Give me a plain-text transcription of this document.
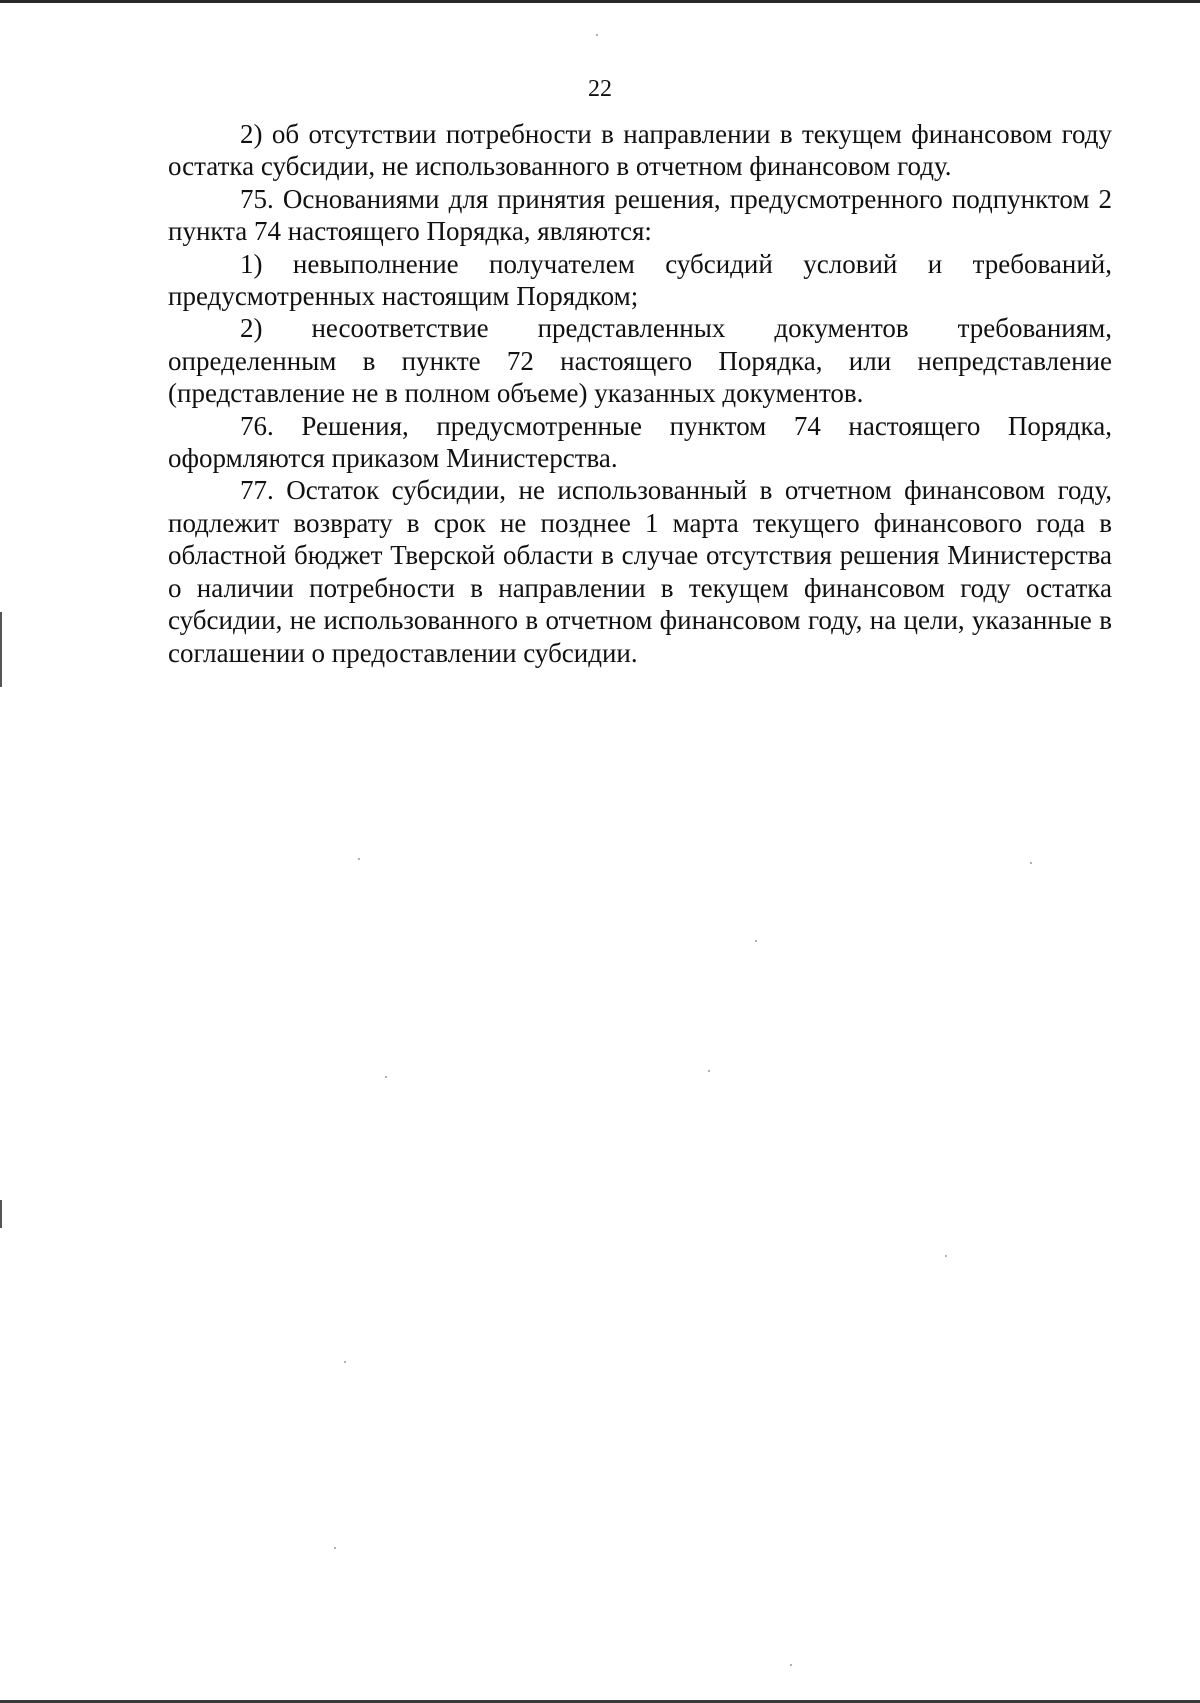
22

2) об отсутствии потребности в направлении в текущем финансовом году остатка субсидии, не использованного в отчетном финансовом году.

75. Основаниями для принятия решения, предусмотренного подпунктом 2 пункта 74 настоящего Порядка, являются:

1) невыполнение получателем субсидий условий и требований, предусмотренных настоящим Порядком;

2) несоответствие представленных документов требованиям, определенным в пункте 72 настоящего Порядка, или непредставление (представление не в полном объеме) указанных документов.

76. Решения, предусмотренные пунктом 74 настоящего Порядка, оформляются приказом Министерства.

77. Остаток субсидии, не использованный в отчетном финансовом году, подлежит возврату в срок не позднее 1 марта текущего финансового года в областной бюджет Тверской области в случае отсутствия решения Министерства о наличии потребности в направлении в текущем финансовом году остатка субсидии, не использованного в отчетном финансовом году, на цели, указанные в соглашении о предоставлении субсидии.
